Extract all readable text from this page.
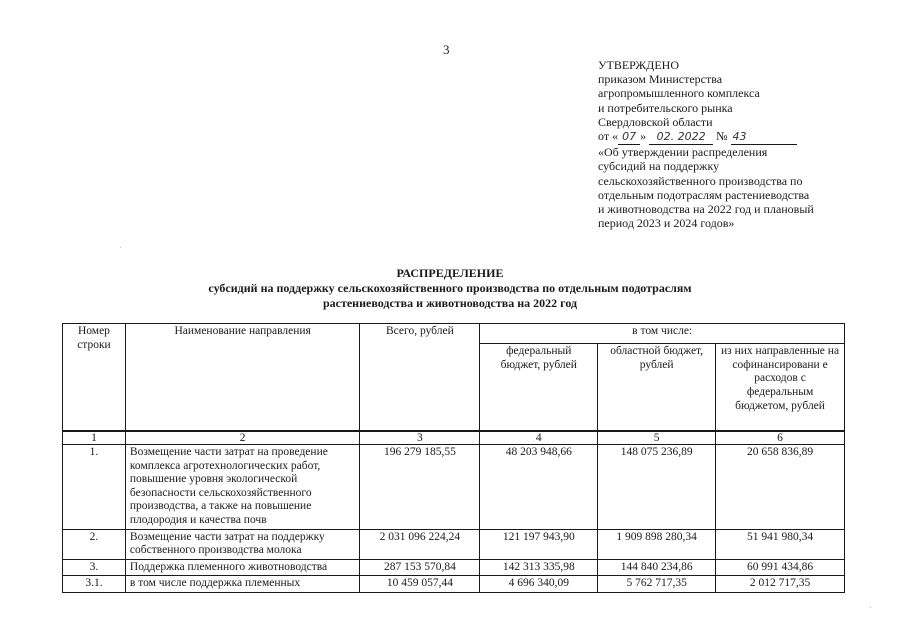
3
УТВЕРЖДЕНО
приказом Министерства
агропромышленного комплекса
и потребительского рынка
Свердловской области
от « 07 » 02. 2022 № 43
«Об утверждении распределения
субсидий на поддержку
сельскохозяйственного производства по
отдельным подотраслям растениеводства
и животноводства на 2022 год и плановый
период 2023 и 2024 годов»
РАСПРЕДЕЛЕНИЕ
субсидий на поддержку сельскохозяйственного производства по отдельным подотраслям
растениеводства и животноводства на 2022 год
Номер строки	Наименование направления	Всего, рублей	в том числе:		
			федеральный бюджет, рублей	областной бюджет, рублей	из них направленные на софинансировани е расходов с федеральным бюджетом, рублей
1	2	3	4	5	6
1.	Возмещение части затрат на проведение комплекса агротехнологических работ, повышение уровня экологической безопасности сельскохозяйственного производства, а также на повышение плодородия и качества почв	196 279 185,55	48 203 948,66	148 075 236,89	20 658 836,89
2.	Возмещение части затрат на поддержку собственного производства молока	2 031 096 224,24	121 197 943,90	1 909 898 280,34	51 941 980,34
3.	Поддержка племенного животноводства	287 153 570,84	142 313 335,98	144 840 234,86	60 991 434,86
3.1.	в том числе поддержка племенных	10 459 057,44	4 696 340,09	5 762 717,35	2 012 717,35
